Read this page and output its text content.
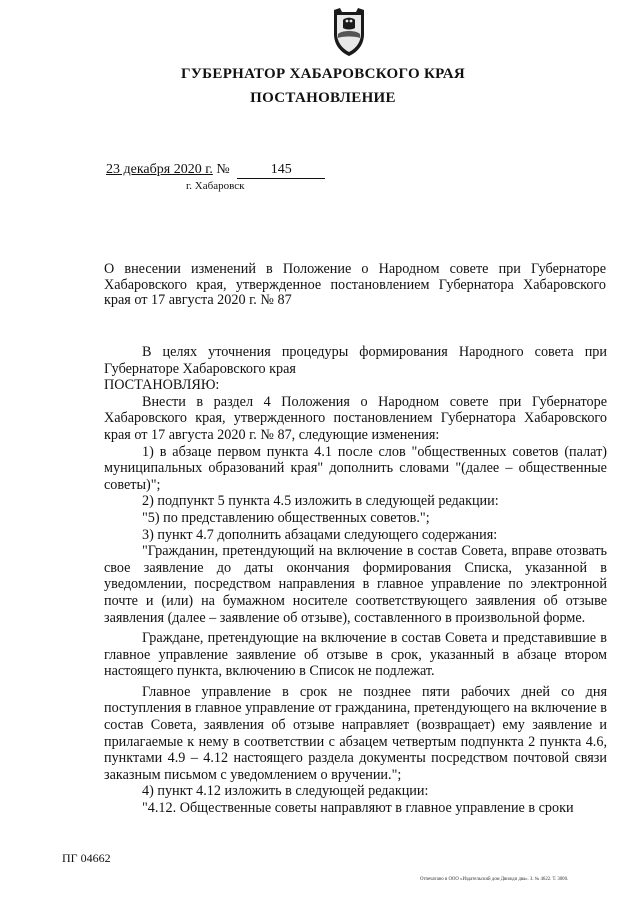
ГУБЕРНАТОР ХАБАРОВСКОГО КРАЯ
ПОСТАНОВЛЕНИЕ
23 декабря 2020 г. №	145
г. Хабаровск
О внесении изменений в Положение о Народном совете при Губернаторе Хабаровского края, утвержденное постановлением Губернатора Хабаровского края от 17 августа 2020 г. № 87

В целях уточнения процедуры формирования Народного совета при Губернаторе Хабаровского края

ПОСТАНОВЛЯЮ:

Внести в раздел 4 Положения о Народном совете при Губернаторе Хабаровского края, утвержденного постановлением Губернатора Хабаровского края от 17 августа 2020 г. № 87, следующие изменения:

1) в абзаце первом пункта 4.1 после слов "общественных советов (палат) муниципальных образований края" дополнить словами "(далее – общественные советы)";

2) подпункт 5 пункта 4.5 изложить в следующей редакции:

"5) по представлению общественных советов.";

3) пункт 4.7 дополнить абзацами следующего содержания:

"Гражданин, претендующий на включение в состав Совета, вправе отозвать свое заявление до даты окончания формирования Списка, указанной в уведомлении, посредством направления в главное управление по электронной почте и (или) на бумажном носителе соответствующего заявления об отзыве заявления (далее – заявление об отзыве), составленного в произвольной форме.

Граждане, претендующие на включение в состав Совета и представившие в главное управление заявление об отзыве в срок, указанный в абзаце втором настоящего пункта, включению в Список не подлежат.

Главное управление в срок не позднее пяти рабочих дней со дня поступления в главное управление от гражданина, претендующего на включение в состав Совета, заявления об отзыве направляет (возвращает) ему заявление и прилагаемые к нему в соответствии с абзацем четвертым подпункта 2 пункта 4.6, пунктами 4.9 – 4.12 настоящего раздела документы посредством почтовой связи заказным письмом с уведомлением о вручении.";

4) пункт 4.12 изложить в следующей редакции:

"4.12. Общественные советы направляют в главное управление в сроки

ПГ 04662
Отпечатано в ООО «Издательский дом Движди два». З. № 4622. Т. 3000.
